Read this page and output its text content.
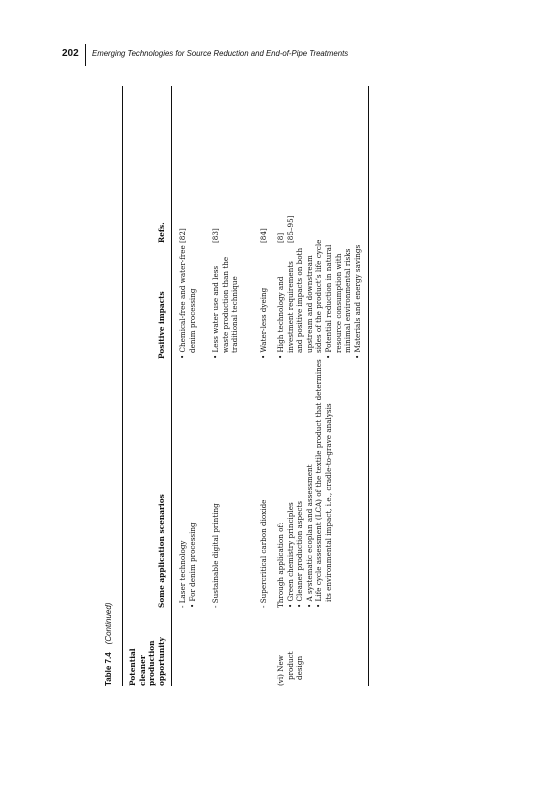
202 Emerging Technologies for Source Reduction and End-of-Pipe Treatments
Table 7.4(Continued)
Potential cleaner production opportunity
Some application scenarios
Positive impacts
Refs.
- Laser technology • For denim processing
• Chemical-free and water-free denim processing
[82]
- Sustainable digital printing
• Less water use and less waste production than the traditional technique
[83]
- Supercritical carbon dioxide
• Water-less dyeing
[84]
(vi) New product design
Through application of: • Green chemistry principles • Cleaner production aspects • A systematic ecoplan and assessment • Life cycle assessment (LCA) of the textile product that determines its environmental impact, i.e., cradle-to-grave analysis
• High technology and investment requirements and positive impacts on both upstream and downstream sides of the product’s life cycle • Potential reduction in natural resource consumption with minimal environmental risks • Materials and energy savings
[8] [85–95]
